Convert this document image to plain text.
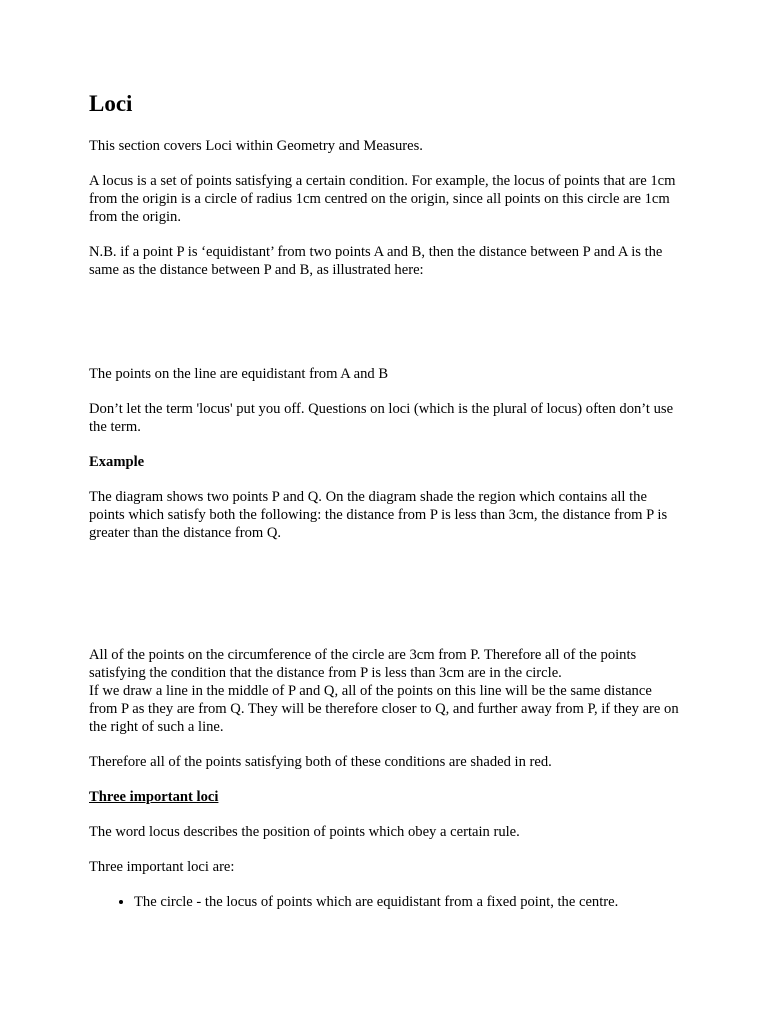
Loci

This section covers Loci within Geometry and Measures.

A locus is a set of points satisfying a certain condition. For example, the locus of points that are 1cm from the origin is a circle of radius 1cm centred on the origin, since all points on this circle are 1cm from the origin.

N.B. if a point P is ‘equidistant’ from two points A and B, then the distance between P and A is the same as the distance between P and B, as illustrated here:

The points on the line are equidistant from A and B

Don’t let the term 'locus' put you off. Questions on loci (which is the plural of locus) often don’t use the term.

Example

The diagram shows two points P and Q. On the diagram shade the region which contains all the points which satisfy both the following: the distance from P is less than 3cm, the distance from P is greater than the distance from Q.

All of the points on the circumference of the circle are 3cm from P. Therefore all of the points satisfying the condition that the distance from P is less than 3cm are in the circle.

If we draw a line in the middle of P and Q, all of the points on this line will be the same distance from P as they are from Q. They will be therefore closer to Q, and further away from P, if they are on the right of such a line.

Therefore all of the points satisfying both of these conditions are shaded in red.

Three important loci

The word locus describes the position of points which obey a certain rule.

Three important loci are:

• The circle - the locus of points which are equidistant from a fixed point, the centre.
